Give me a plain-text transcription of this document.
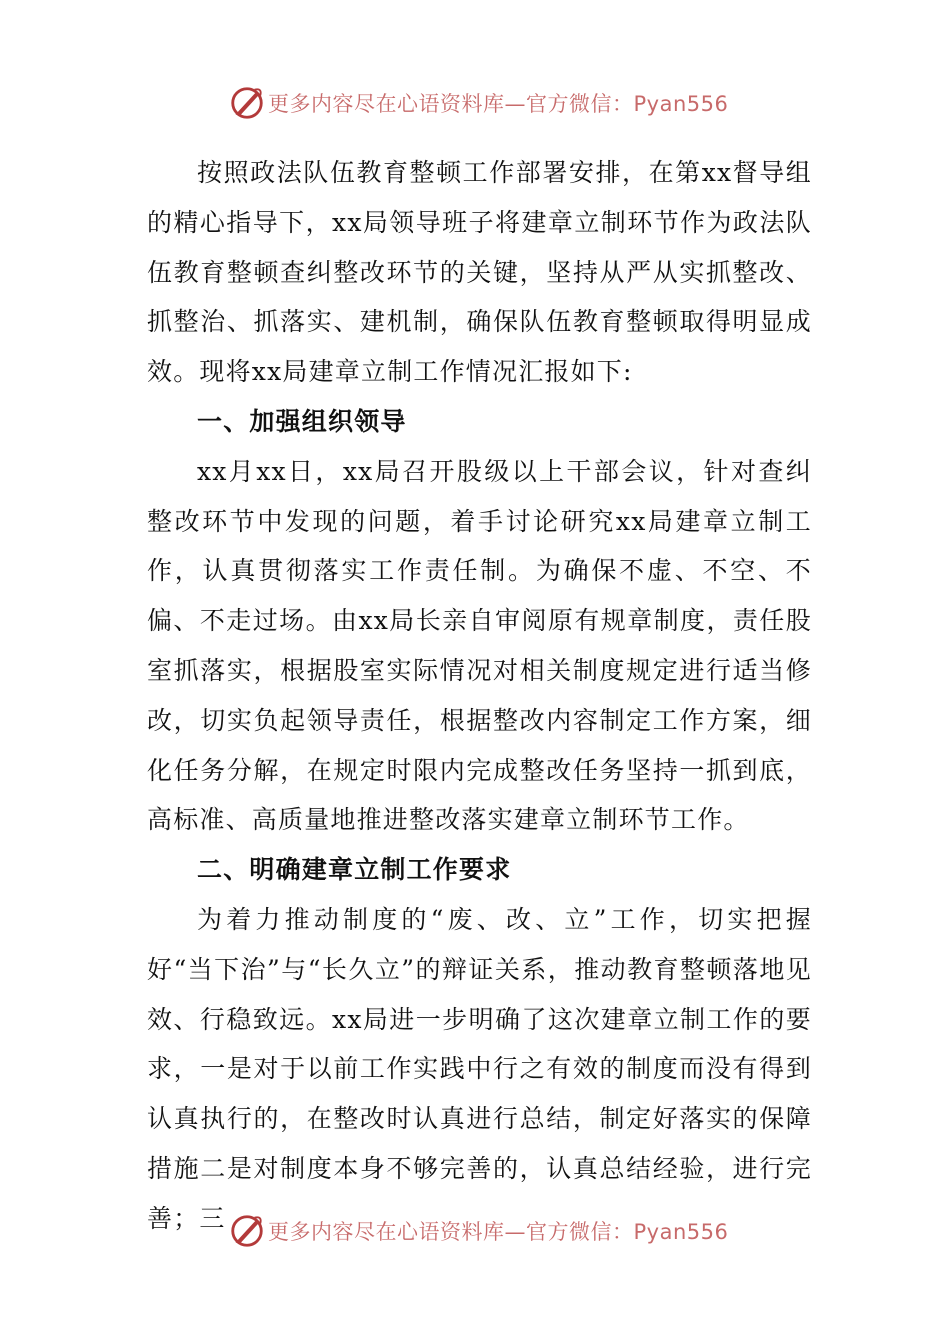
更多内容尽在心语资料库—官方微信：Pyan556

按照政法队伍教育整顿工作部署安排，在第xx督导组的精心指导下，xx局领导班子将建章立制环节作为政法队伍教育整顿查纠整改环节的关键，坚持从严从实抓整改、抓整治、抓落实、建机制，确保队伍教育整顿取得明显成效。现将xx局建章立制工作情况汇报如下:

一、加强组织领导

xx月xx日，xx局召开股级以上干部会议，针对查纠整改环节中发现的问题，着手讨论研究xx局建章立制工作，认真贯彻落实工作责任制。为确保不虚、不空、不偏、不走过场。由xx局长亲自审阅原有规章制度，责任股室抓落实，根据股室实际情况对相关制度规定进行适当修改，切实负起领导责任，根据整改内容制定工作方案，细化任务分解，在规定时限内完成整改任务坚持一抓到底，高标准、高质量地推进整改落实建章立制环节工作。

二、明确建章立制工作要求

为着力推动制度的“废、改、立”工作，切实把握好“当下治”与“长久立”的辩证关系，推动教育整顿落地见效、行稳致远。xx局进一步明确了这次建章立制工作的要求，一是对于以前工作实践中行之有效的制度而没有得到认真执行的，在整改时认真进行总结，制定好落实的保障措施二是对制度本身不够完善的，认真总结经验，进行完善；三	更多内容尽在心语资料库—官方微信：Pyan556
